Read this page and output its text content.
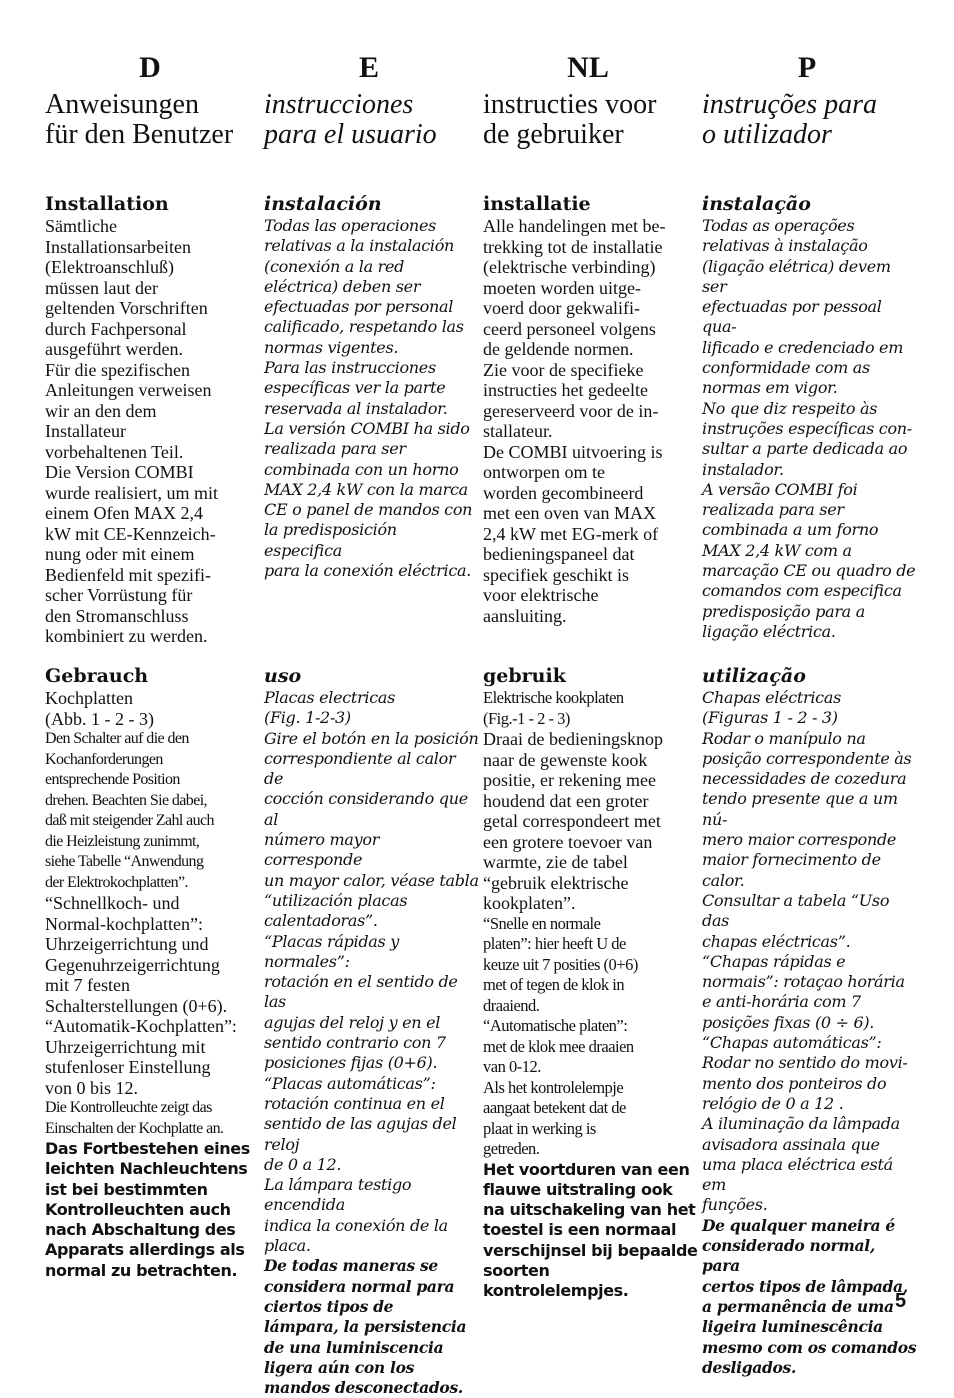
D
Anweisungen
für den Benutzer
Installation
Sämtliche
Installationsarbeiten
(Elektroanschluß)
müssen laut der
geltenden Vorschriften
durch Fachpersonal
ausgeführt werden.
Für die spezifischen
Anleitungen verweisen
wir an den dem
Installateur
vorbehaltenen Teil.
Die Version COMBI
wurde realisiert, um mit
einem Ofen MAX 2,4
kW mit CE-Kennzeich-
nung oder mit einem
Bedienfeld mit spezifi-
scher Vorrüstung für
den Stromanschluss
kombiniert zu werden.
Gebrauch
Kochplatten
(Abb. 1 - 2 - 3)
Den Schalter auf die den
Kochanforderungen
entsprechende Position
drehen. Beachten Sie dabei,
daß mit steigender Zahl auch
die Heizleistung zunimmt,
siehe Tabelle “Anwendung
der Elektrokochplatten”.
“Schnellkoch- und
Normal-kochplatten”:
Uhrzeigerrichtung und
Gegenuhrzeigerrichtung
mit 7 festen
Schalterstellungen (0+6).
“Automatik-Kochplatten”:
Uhrzeigerrichtung mit
stufenloser Einstellung
von 0 bis 12.
Die Kontrolleuchte zeigt das
Einschalten der Kochplatte an.
Das Fortbestehen eines
leichten Nachleuchtens
ist bei bestimmten
Kontrolleuchten auch
nach Abschaltung des
Apparats allerdings als
normal zu betrachten.
E
instrucciones
para el usuario
instalación
Todas las operaciones
relativas a la instalación
(conexión a la red
eléctrica) deben ser
efectuadas por personal
calificado, respetando las
normas vigentes.
Para las instrucciones
específicas ver la parte
reservada al instalador.
La versión COMBI ha sido
realizada para ser
combinada con un horno
MAX 2,4 kW con la marca
CE o panel de mandos con
la predisposición especifica
para la conexión eléctrica.
uso
Placas electricas
(Fig. 1-2-3)
Gire el botón en la posición
correspondiente al calor de
cocción considerando que al
número mayor corresponde
un mayor calor, véase tabla
“utilización placas
calentadoras”.
“Placas rápidas y normales”:
rotación en el sentido de las
agujas del reloj y en el
sentido contrario con 7
posiciones fijas (0+6).
“Placas automáticas”:
rotación continua en el
sentido de las agujas del reloj
de 0 a 12.
La lámpara testigo encendida
indica la conexión de la
placa.
De todas maneras se
considera normal para
ciertos tipos de
lámpara, la persistencia
de una luminiscencia
ligera aún con los
mandos desconectados.
NL
instructies voor
de gebruiker
installatie
Alle handelingen met be-
trekking tot de installatie
(elektrische verbinding)
moeten worden uitge-
voerd door gekwalifi-
ceerd personeel volgens
de geldende normen.
Zie voor de specifieke
instructies het gedeelte
gereserveerd voor de in-
stallateur.
De COMBI uitvoering is
ontworpen om te
worden gecombineerd
met een oven van MAX
2,4 kW met EG-merk of
bedieningspaneel dat
specifiek geschikt is
voor elektrische
aansluiting.
gebruik
Elektrische kookplaten
(Fig.-1 - 2 - 3)
Draai de bedieningsknop
naar de gewenste kook
positie, er rekening mee
houdend dat een groter
getal correspondeert met
een grotere toevoer van
warmte, zie de tabel
“gebruik elektrische
kookplaten”.
“Snelle en normale
platen”: hier heeft U de
keuze uit 7 posities (0+6)
met of tegen de klok in
draaiend.
“Automatische platen”:
met de klok mee draaien
van 0-12.
Als het kontrolelempje
aangaat betekent dat de
plaat in werking is
getreden.
Het voortduren van een
flauwe uitstraling ook
na uitschakeling van het
toestel is een normaal
verschijnsel bij bepaalde
soorten kontrolelempjes.
P
instruções para
o utilizador
instalação
Todas as operações
relativas à instalação
(ligação elétrica) devem ser
efectuadas por pessoal qua-
lificado e credenciado em
conformidade com as
normas em vigor.
No que diz respeito às
instruções específicas con-
sultar a parte dedicada ao
instalador.
A versão COMBI foi
realizada para ser
combinada a um forno
MAX 2,4 kW com a
marcação CE ou quadro de
comandos com especifica
predisposição para a
ligação eléctrica.
utilização
Chapas eléctricas
(Figuras 1 - 2 - 3)
Rodar o manípulo na
posição correspondente às
necessidades de cozedura
tendo presente que a um nú-
mero maior corresponde
maior fornecimento de calor.
Consultar a tabela “Uso das
chapas eléctricas”.
“Chapas rápidas e
normais”: rotaçao horária
e anti-horária com 7
posições fixas (0 ÷ 6).
“Chapas automáticas”:
Rodar no sentido do movi-
mento dos ponteiros do
relógio de 0 a 12 .
A iluminação da lâmpada
avisadora assinala que
uma placa eléctrica está em
funções.
De qualquer maneira é
considerado normal, para
certos tipos de lâmpada,
a permanência de uma
ligeira luminescência
mesmo com os comandos
desligados.
5
